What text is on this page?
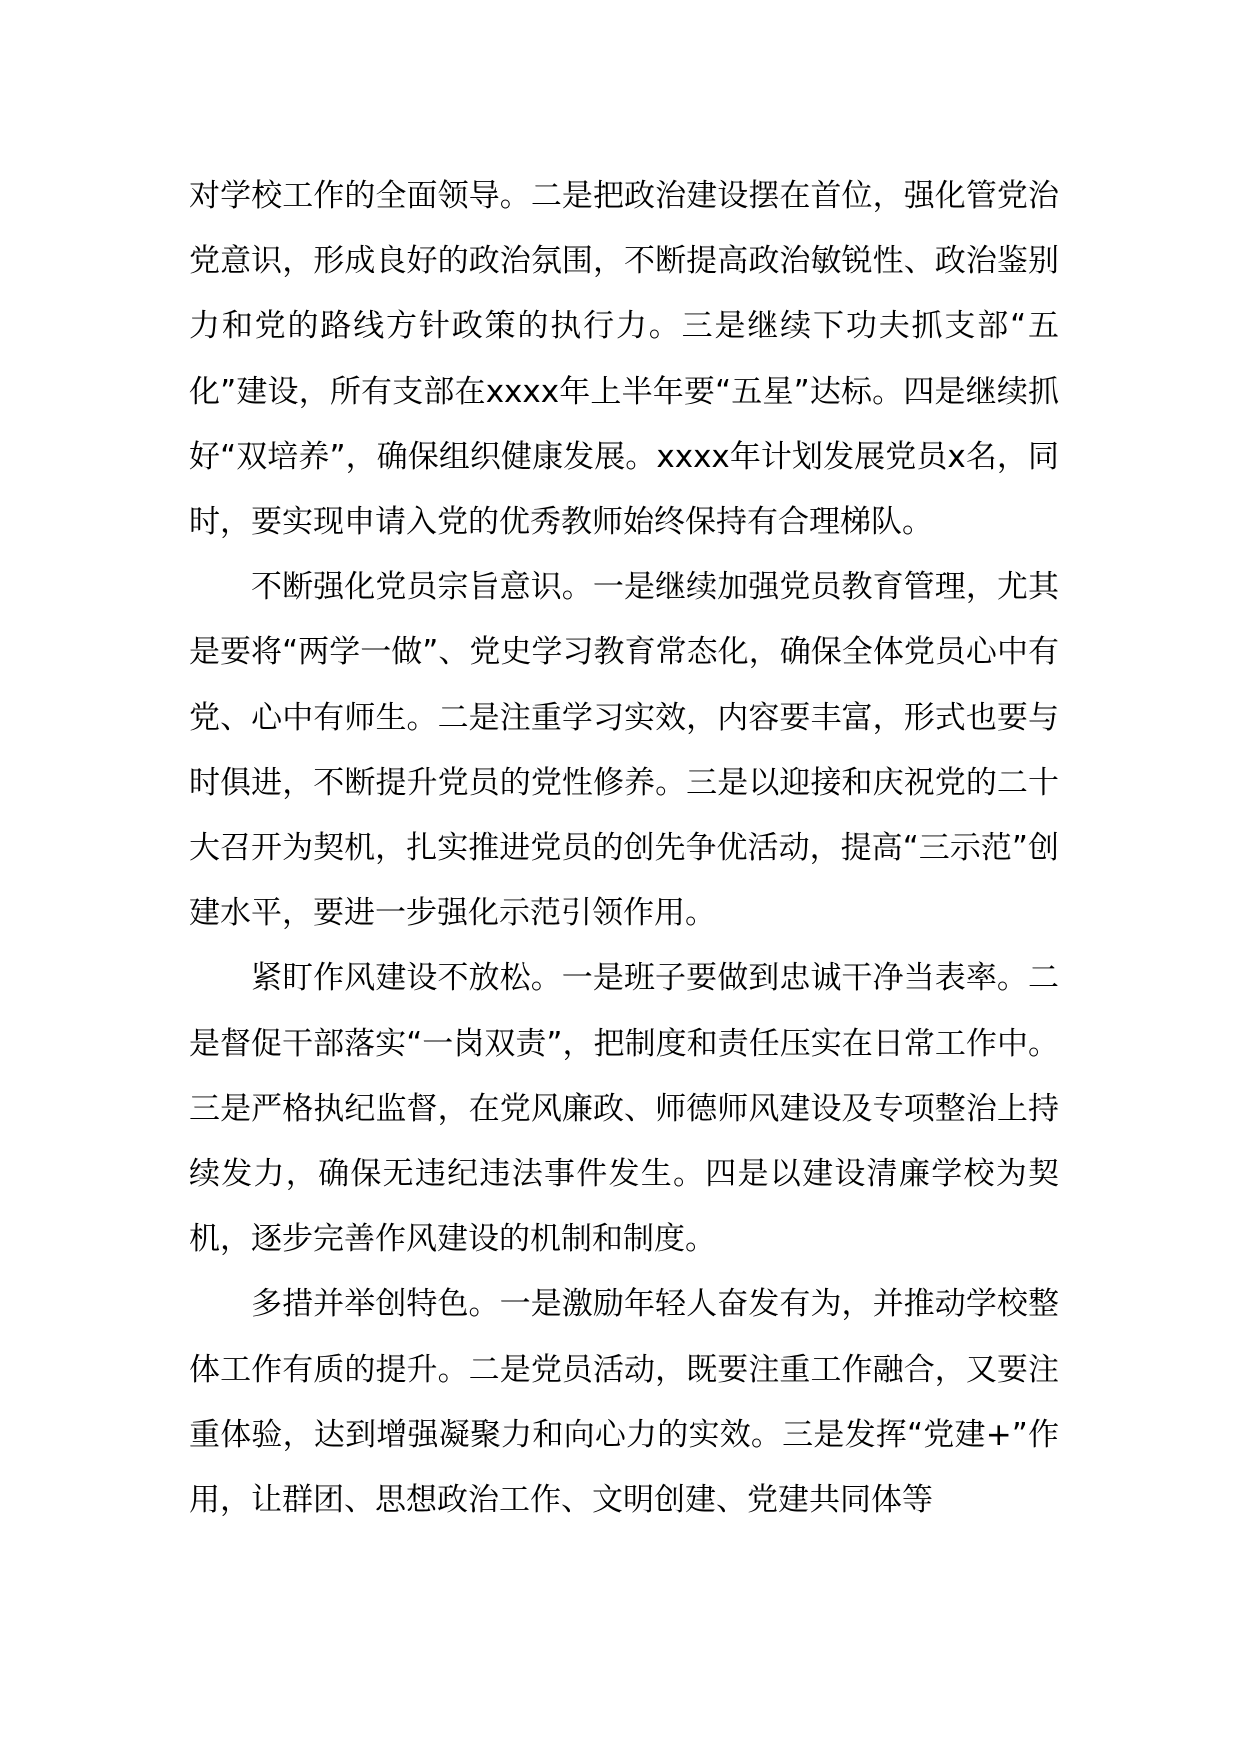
对学校工作的全面领导。二是把政治建设摆在首位，强化管党治党意识，形成良好的政治氛围，不断提高政治敏锐性、政治鉴别力和党的路线方针政策的执行力。三是继续下功夫抓支部“五化”建设，所有支部在xxxx年上半年要“五星”达标。四是继续抓好“双培养”，确保组织健康发展。xxxx年计划发展党员x名，同时，要实现申请入党的优秀教师始终保持有合理梯队。

不断强化党员宗旨意识。一是继续加强党员教育管理，尤其是要将“两学一做”、党史学习教育常态化，确保全体党员心中有党、心中有师生。二是注重学习实效，内容要丰富，形式也要与时俱进，不断提升党员的党性修养。三是以迎接和庆祝党的二十大召开为契机，扎实推进党员的创先争优活动，提高“三示范”创建水平，要进一步强化示范引领作用。

紧盯作风建设不放松。一是班子要做到忠诚干净当表率。二是督促干部落实“一岗双责”，把制度和责任压实在日常工作中。三是严格执纪监督，在党风廉政、师德师风建设及专项整治上持续发力，确保无违纪违法事件发生。四是以建设清廉学校为契机，逐步完善作风建设的机制和制度。

多措并举创特色。一是激励年轻人奋发有为，并推动学校整体工作有质的提升。二是党员活动，既要注重工作融合，又要注重体验，达到增强凝聚力和向心力的实效。三是发挥“党建+”作用，让群团、思想政治工作、文明创建、党建共同体等
